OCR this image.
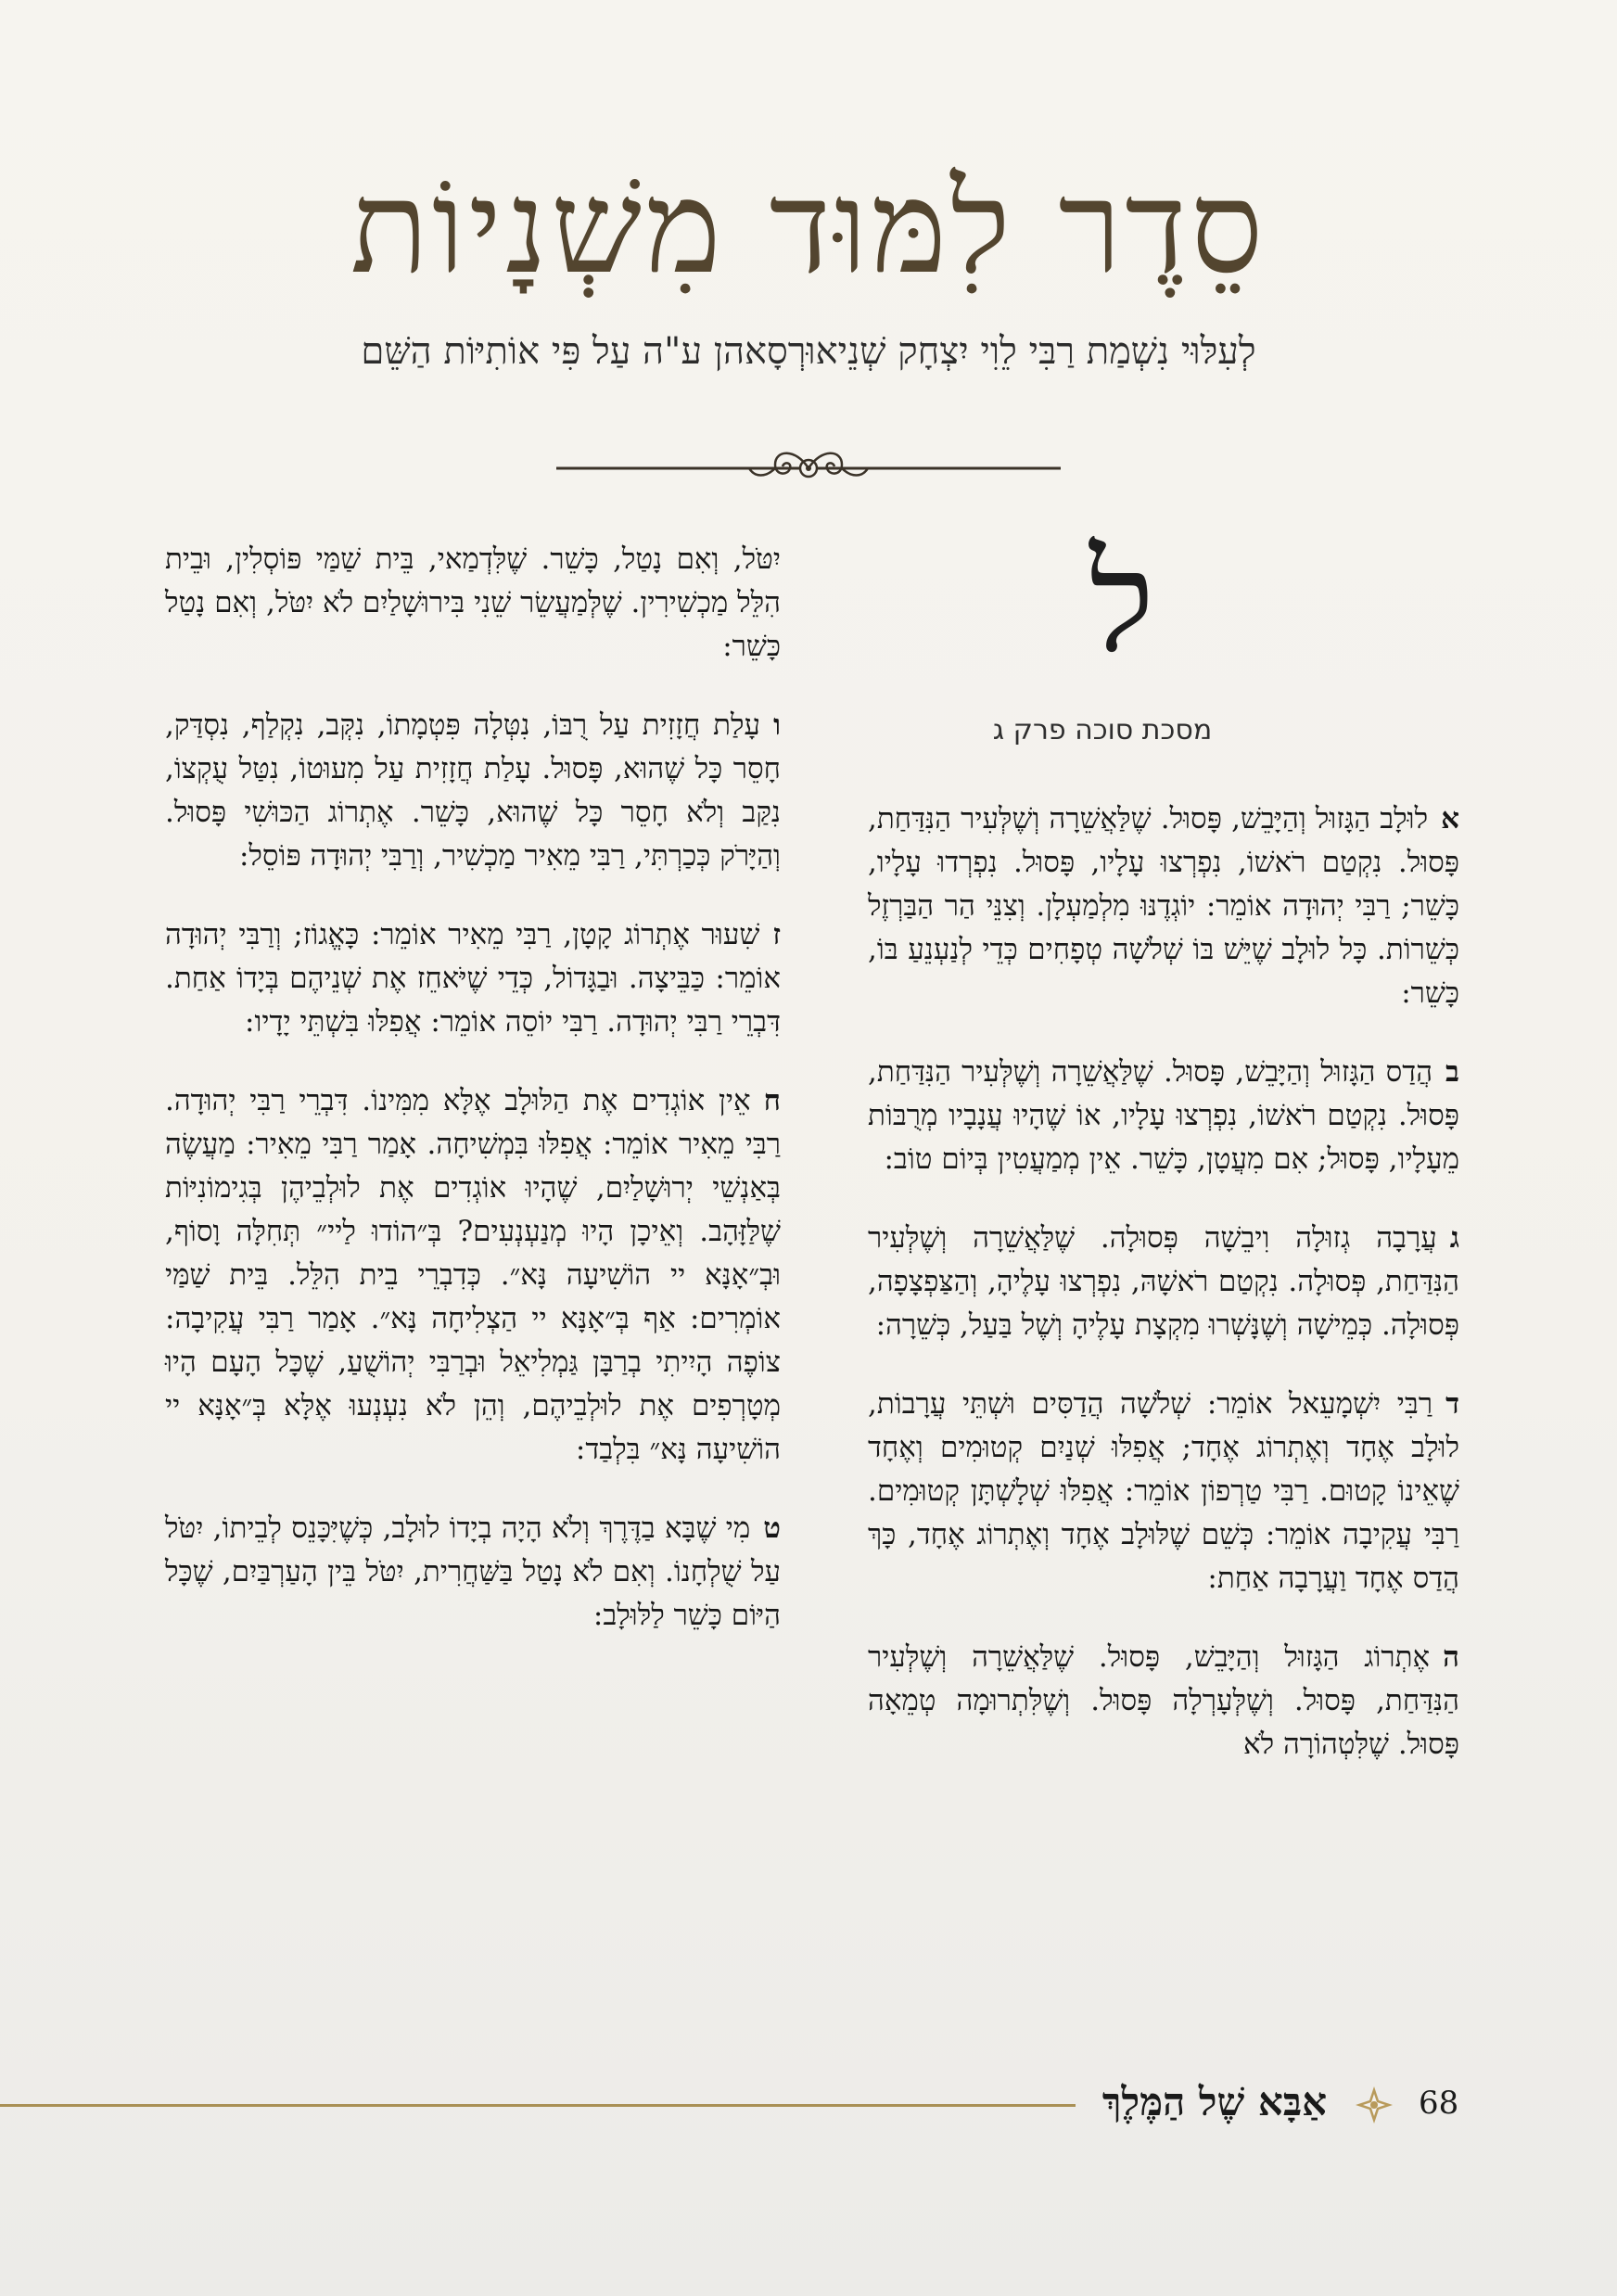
סֵדֶר לִמּוּד מִשְׁנָיוֹת
לְעִלּוּי נִשְׁמַת רַבִּי לֵוִי יִצְחָק שְׁנֵיאוּרְסָאהן ע"ה עַל פִּי אוֹתִיּוֹת הַשֵּׁם
ל
מסכת סוכה פרק ג

אלוּלָב הַגָּזוּל וְהַיָּבֵשׁ, פָּסוּל. שֶׁלַּאֲשֵׁרָה וְשֶׁלְּעִיר הַנִּדַּחַת, פָּסוּל. נִקְטַם רֹאשׁוֹ, נִפְרְצוּ עָלָיו, פָּסוּל. נִפְרְדוּ עָלָיו, כָּשֵׁר; רַבִּי יְהוּדָה אוֹמֵר: יוֹגְדֶנּוּ מִלְמַעְלָן. וְצִנֵּי הַר הַבַּרְזֶל כְּשֵׁרוֹת. כָּל לוּלָב שֶׁיֵּשׁ בּוֹ שְׁלֹשָׁה טְפָחִים כְּדֵי לְנַעְנֵעַ בּוֹ, כָּשֵׁר:

בהֲדַס הַגָּזוּל וְהַיָּבֵשׁ, פָּסוּל. שֶׁלַּאֲשֵׁרָה וְשֶׁלְּעִיר הַנִּדַּחַת, פָּסוּל. נִקְטַם רֹאשׁוֹ, נִפְרְצוּ עָלָיו, אוֹ שֶׁהָיוּ עֲנָבָיו מְרֻבּוֹת מֵעָלָיו, פָּסוּל; אִם מִעֲטָן, כָּשֵׁר. אֵין מְמַעֲטִין בְּיוֹם טוֹב:

געֲרָבָה גְזוּלָה וִיבֵשָׁה פְּסוּלָה. שֶׁלַּאֲשֵׁרָה וְשֶׁלְּעִיר הַנִּדַּחַת, פְּסוּלָה. נִקְטַם רֹאשָׁהּ, נִפְרְצוּ עָלֶיהָ, וְהַצַּפְצָפָה, פְּסוּלָה. כְּמֵישָׁה וְשֶׁנָּשְׁרוּ מִקְצָת עָלֶיהָ וְשֶׁל בַּעַל, כְּשֵׁרָה:

דרַבִּי יִשְׁמָעֵאל אוֹמֵר: שְׁלֹשָׁה הֲדַסִּים וּשְׁתֵּי עֲרָבוֹת, לוּלָב אֶחָד וְאֶתְרוֹג אֶחָד; אֲפִלּוּ שְׁנַיִם קְטוּמִים וְאֶחָד שֶׁאֵינוֹ קָטוּם. רַבִּי טַרְפוֹן אוֹמֵר: אֲפִלּוּ שְׁלָשְׁתָּן קְטוּמִים. רַבִּי עֲקִיבָה אוֹמֵר: כְּשֵׁם שֶׁלּוּלָב אֶחָד וְאֶתְרוֹג אֶחָד, כָּךְ הֲדַס אֶחָד וַעֲרָבָה אַחַת:

האֶתְרוֹג הַגָּזוּל וְהַיָּבֵשׁ, פָּסוּל. שֶׁלַּאֲשֵׁרָה וְשֶׁלְּעִיר הַנִּדַּחַת, פָּסוּל. וְשֶׁלְּעָרְלָה פָּסוּל. וְשֶׁלִּתְרוּמָה טְמֵאָה פָּסוּל. שֶׁלִּטְהוֹרָה לֹא

יִטֹּל, וְאִם נָטַל, כָּשֵׁר. שֶׁלִּדְמַאי, בֵּית שַׁמַּי פּוֹסְלִין, וּבֵית הִלֵּל מַכְשִׁירִין. שֶׁלְּמַעֲשֵׂר שֵׁנִי בִּירוּשָׁלַיִם לֹא יִטֹּל, וְאִם נָטַל כָּשֵׁר:

ועָלַת חֲזָזִית עַל רֻבּוֹ, נִטְּלָה פִּטְמָתוֹ, נִקְּב, נִקְלַף, נִסְדַּק, חָסֵר כָּל שֶׁהוּא, פָּסוּל. עָלַת חֲזָזִית עַל מִעוּטוֹ, נִטַּל עֻקְצוֹ, נִקַּב וְלֹא חָסֵר כָּל שֶׁהוּא, כָּשֵׁר. אֶתְרוֹג הַכּוּשִׁי פָּסוּל. וְהַיָּרֹק כְּכַרְתִּי, רַבִּי מֵאִיר מַכְשִׁיר, וְרַבִּי יְהוּדָה פּוֹסֵל:

זשִׁעוּר אֶתְרוֹג קָטָן, רַבִּי מֵאִיר אוֹמֵר: כָּאֱגוֹז; וְרַבִּי יְהוּדָה אוֹמֵר: כַּבֵּיצָה. וּבַגָּדוֹל, כְּדֵי שֶׁיֹּאחֵז אֶת שְׁנֵיהֶם בְּיָדוֹ אַחַת. דִּבְרֵי רַבִּי יְהוּדָה. רַבִּי יוֹסֵה אוֹמֵר: אֲפִלּוּ בִּשְׁתֵּי יָדָיו:

חאֵין אוֹגְדִים אֶת הַלּוּלָב אֶלָּא מִמִּינוֹ. דִּבְרֵי רַבִּי יְהוּדָה. רַבִּי מֵאִיר אוֹמֵר: אֲפִלּוּ בִּמְשִׁיחָה. אָמַר רַבִּי מֵאִיר: מַעֲשֶׂה בְּאַנְשֵׁי יְרוּשָׁלַיִם, שֶׁהָיוּ אוֹגְדִים אֶת לוּלְבֵיהֶן בְּגִימוֹנִיּוֹת שֶׁלַּזָּהָב. וְאֵיכָן הָיוּ מְנַעְנְעִים? בְּ״הוֹדוּ לַיי״ תְּחִלָּה וָסוֹף, וּבְ״אָנָּא יי הוֹשִׁיעָה נָּא״. כְּדִבְרֵי בֵית הִלֵּל. בֵּית שַׁמַּי אוֹמְרִים: אַף בְּ״אָנָּא יי הַצְלִיחָה נָּא״. אָמַר רַבִּי עֲקִיבָה: צוֹפֶה הָיִיתִי בְרַבָּן גַּמְלִיאֵל וּבְרַבִּי יְהוֹשֻׁעַ, שֶׁכָּל הָעָם הָיוּ מְטָרְפִים אֶת לוּלְבֵיהֶם, וְהֵן לֹא נִעְנְעוּ אֶלָּא בְּ״אָנָּא יי הוֹשִׁיעָה נָּא״ בִּלְבַד:

טמִי שֶׁבָּא בַדֶּרֶךְ וְלֹא הָיָה בְיָדוֹ לוּלָב, כְּשֶׁיִּכָּנֵס לְבֵיתוֹ, יִטֹּל עַל שֻׁלְחָנוֹ. וְאִם לֹא נָטַל בַּשַּׁחֲרִית, יִטֹּל בֵּין הָעַרְבַּיִם, שֶׁכָּל הַיּוֹם כָּשֵׁר לַלּוּלָב:

אַבָּא שֶׁל הַמֶּלֶךְ	68
